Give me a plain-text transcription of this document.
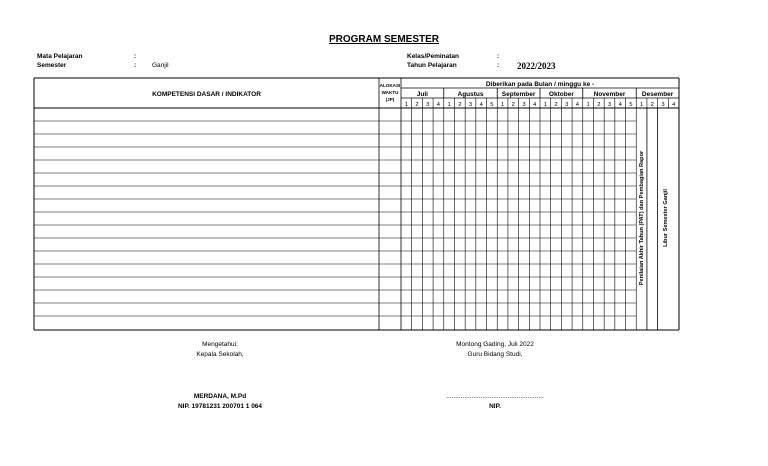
PROGRAM SEMESTER
Mata Pelajaran	:
Semester	: Ganjil
Kelas/Peminatan	:
Tahun Pelajaran	: 2022/2023
KOMPETENSI DASAR / INDIKATOR
ALOKASI
WAKTU
(JP)
Diberikan pada Bulan / minggu ke -
Juli
1 2 3 4
Agustus
1 2 3 4 5
September
1 2 3 4
Oktober
1 2 3 4
November
1 2 3 4 5
Desember
1 2 3 4
Penilaian Akhir Tahun (PAT) dan Pembagian Rapor	Libur Semester Ganjil
Mengetahui;
Kepala Sekolah,
MERDANA, M.Pd
NIP. 19781231 200701 1 064
Montong Gading, Juli 2022
Guru Bidang Studi,
......................................................
NIP.
